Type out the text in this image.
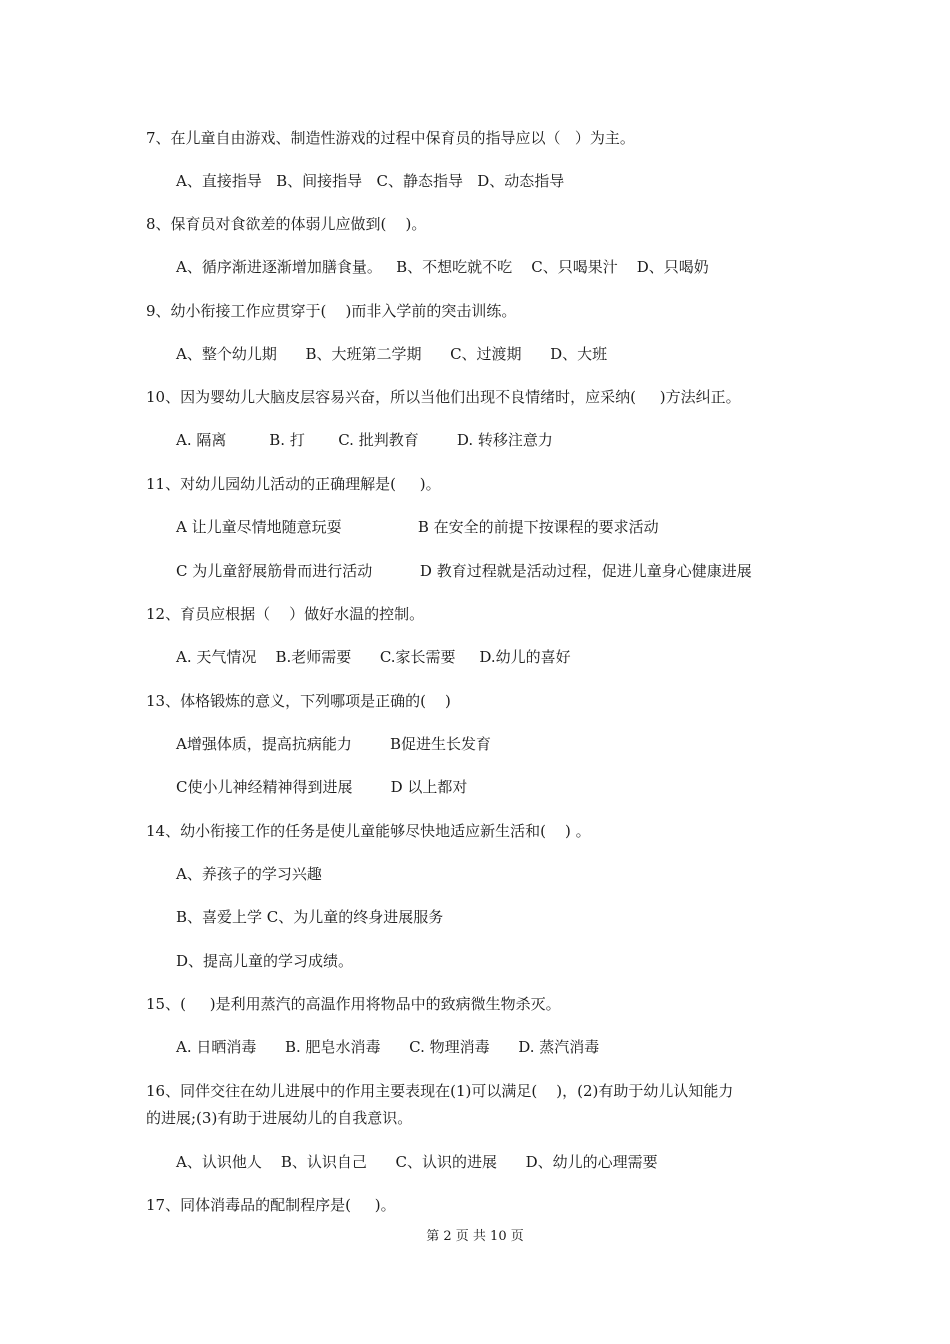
7、在儿童自由游戏、制造性游戏的过程中保育员的指导应以（   ）为主。
A、直接指导   B、间接指导   C、静态指导   D、动态指导
8、保育员对食欲差的体弱儿应做到(    )。
A、循序渐进逐渐增加膳食量。   B、不想吃就不吃    C、只喝果汁    D、只喝奶
9、幼小衔接工作应贯穿于(    )而非入学前的突击训练。
A、整个幼儿期      B、大班第二学期      C、过渡期      D、大班
10、因为婴幼儿大脑皮层容易兴奋，所以当他们出现不良情绪时，应采纳(     )方法纠正。
A. 隔离         B. 打       C. 批判教育        D. 转移注意力
11、对幼儿园幼儿活动的正确理解是(     )。
A 让儿童尽情地随意玩耍                B 在安全的前提下按课程的要求活动
C 为儿童舒展筋骨而进行活动          D 教育过程就是活动过程，促进儿童身心健康进展
12、育员应根据（    ）做好水温的控制。
A. 天气情况    B.老师需要      C.家长需要     D.幼儿的喜好
13、体格锻炼的意义，下列哪项是正确的(    )
A增强体质，提高抗病能力        B促进生长发育
C使小儿神经精神得到进展        D 以上都对
14、幼小衔接工作的任务是使儿童能够尽快地适应新生活和(    ) 。
A、养孩子的学习兴趣
B、喜爱上学 C、为儿童的终身进展服务
D、提高儿童的学习成绩。
15、(     )是利用蒸汽的高温作用将物品中的致病微生物杀灭。
A. 日晒消毒      B. 肥皂水消毒      C. 物理消毒      D. 蒸汽消毒
16、同伴交往在幼儿进展中的作用主要表现在(1)可以满足(    )，(2)有助于幼儿认知能力
的进展;(3)有助于进展幼儿的自我意识。
A、认识他人    B、认识自己      C、认识的进展      D、幼儿的心理需要
17、同体消毒品的配制程序是(     )。
第 2 页 共 10 页
